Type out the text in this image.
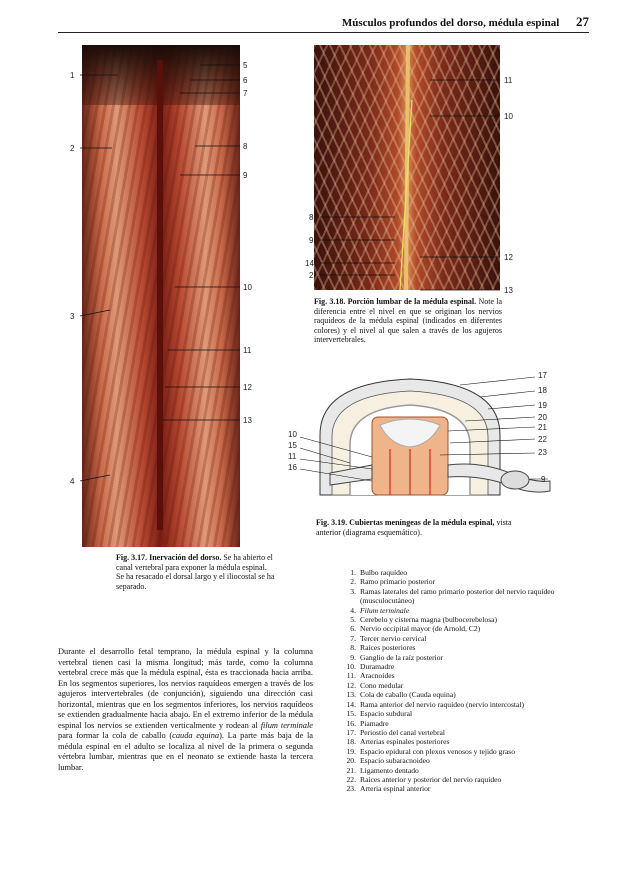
Músculos profundos del dorso, médula espinal 27
1
2
3
4
5
6
7
8
9
10
11
12
13
Fig. 3.17. Inervación del dorso. Se ha abierto el canal vertebral para exponer la médula espinal. Se ha resacado el dorsal largo y el iliocostal se ha separado.
8
9
14
2
11
10
12
13
Fig. 3.18. Porción lumbar de la médula espinal. Note la diferencia entre el nivel en que se originan los nervios raquídeos de la médula espinal (indicados en diferentes colores) y el nivel al que salen a través de los agujeros intervertebrales.
10
15
11
16
17
18
19
20
21
22
23
9
Fig. 3.19. Cubiertas meníngeas de la médula espinal, vista anterior (diagrama esquemático).
Durante el desarrollo fetal temprano, la médula espinal y la columna vertebral tienen casi la misma longitud; más tarde, como la columna vertebral crece más que la médula espinal, ésta es traccionada hacia arriba. En los segmentos superiores, los nervios raquídeos emergen a través de los agujeros intervertebrales (de conjunción), siguiendo una dirección casi horizontal, mientras que en los segmentos inferiores, los nervios raquídeos se extienden gradualmente hacia abajo. En el extremo inferior de la médula espinal los nervios se extienden verticalmente y rodean al filum terminale para formar la cola de caballo (cauda equina). La parte más baja de la médula espinal en el adulto se localiza al nivel de la primera o segunda vértebra lumbar, mientras que en el neonato se extiende hasta la tercera lumbar.
1. Bulbo raquídeo
2. Ramo primario posterior
3. Ramas laterales del ramo primario posterior del nervio raquídeo (musculocutáneo)
4. Filum terminale
5. Cerebelo y cisterna magna (bulbocerebelosa)
6. Nervio occipital mayor (de Arnold, C2)
7. Tercer nervio cervical
8. Raíces posteriores
9. Ganglio de la raíz posterior
10. Duramadre
11. Aracnoides
12. Cono medular
13. Cola de caballo (Cauda equina)
14. Rama anterior del nervio raquídeo (nervio intercostal)
15. Espacio subdural
16. Piamadre
17. Periostio del canal vertebral
18. Arterias espinales posteriores
19. Espacio epidural con plexos venosos y tejido graso
20. Espacio subaracnoideo
21. Ligamento dentado
22. Raíces anterior y posterior del nervio raquídeo
23. Arteria espinal anterior
